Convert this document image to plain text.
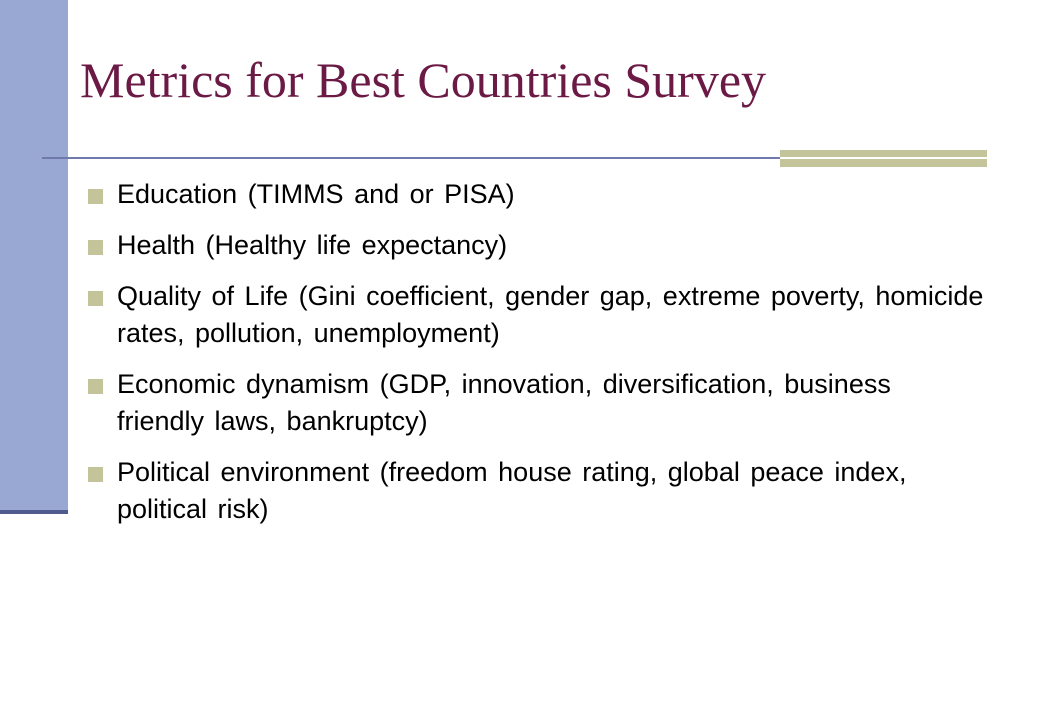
Metrics for Best Countries Survey
Education (TIMMS and or PISA)
Health (Healthy life expectancy)
Quality of Life (Gini coefficient, gender gap, extreme poverty, homicide rates, pollution, unemployment)
Economic dynamism (GDP, innovation, diversification, business friendly laws, bankruptcy)
Political environment (freedom house rating, global peace index, political risk)
